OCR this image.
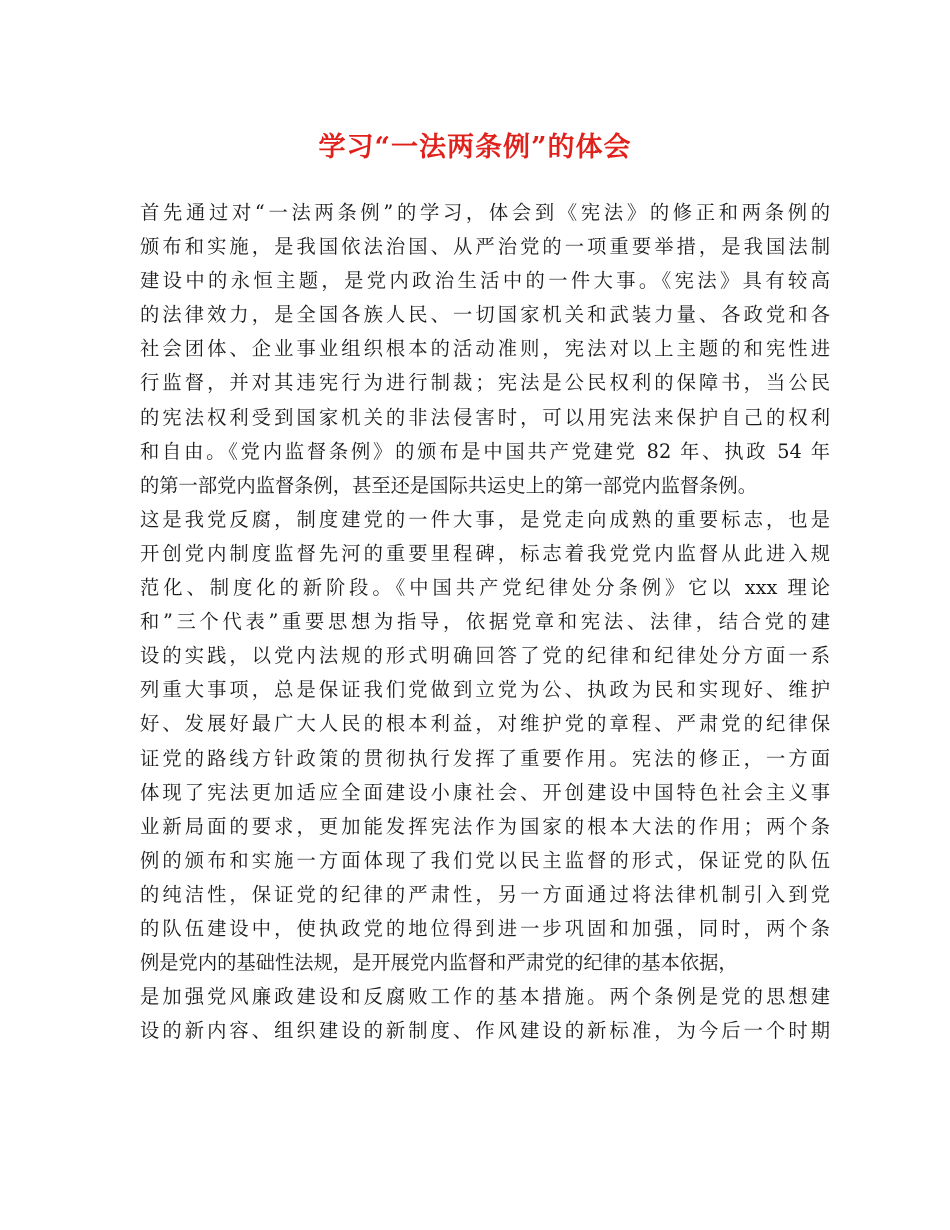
学习“一法两条例”的体会
首先通过对“一法两条例”的学习，体会到《宪法》的修正和两条例的
颁布和实施，是我国依法治国、从严治党的一项重要举措，是我国法制
建设中的永恒主题，是党内政治生活中的一件大事。《宪法》具有较高
的法律效力，是全国各族人民、一切国家机关和武装力量、各政党和各
社会团体、企业事业组织根本的活动准则，宪法对以上主题的和宪性进
行监督，并对其违宪行为进行制裁；宪法是公民权利的保障书，当公民
的宪法权利受到国家机关的非法侵害时，可以用宪法来保护自己的权利
和自由。《党内监督条例》的颁布是中国共产党建党 82 年、执政 54 年
的第一部党内监督条例，甚至还是国际共运史上的第一部党内监督条例。
这是我党反腐，制度建党的一件大事，是党走向成熟的重要标志，也是
开创党内制度监督先河的重要里程碑，标志着我党党内监督从此进入规
范化、制度化的新阶段。《中国共产党纪律处分条例》它以 xxx 理论
和”三个代表”重要思想为指导，依据党章和宪法、法律，结合党的建
设的实践，以党内法规的形式明确回答了党的纪律和纪律处分方面一系
列重大事项，总是保证我们党做到立党为公、执政为民和实现好、维护
好、发展好最广大人民的根本利益，对维护党的章程、严肃党的纪律保
证党的路线方针政策的贯彻执行发挥了重要作用。宪法的修正，一方面
体现了宪法更加适应全面建设小康社会、开创建设中国特色社会主义事
业新局面的要求，更加能发挥宪法作为国家的根本大法的作用；两个条
例的颁布和实施一方面体现了我们党以民主监督的形式，保证党的队伍
的纯洁性，保证党的纪律的严肃性，另一方面通过将法律机制引入到党
的队伍建设中，使执政党的地位得到进一步巩固和加强，同时，两个条
例是党内的基础性法规，是开展党内监督和严肃党的纪律的基本依据，
是加强党风廉政建设和反腐败工作的基本措施。两个条例是党的思想建
设的新内容、组织建设的新制度、作风建设的新标准，为今后一个时期
